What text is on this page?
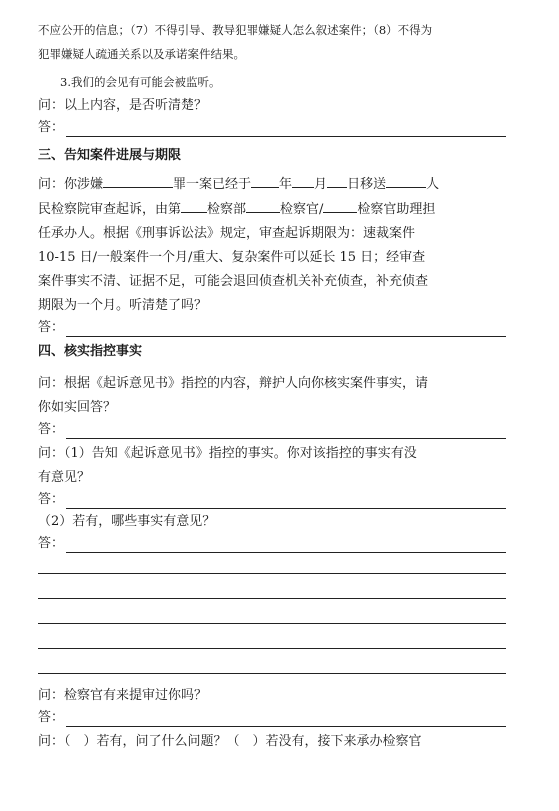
不应公开的信息；（7）不得引导、教导犯罪嫌疑人怎么叙述案件；（8）不得为
犯罪嫌疑人疏通关系以及承诺案件结果。
3.我们的会见有可能会被监听。
问：以上内容，是否听清楚？
答：
三、告知案件进展与期限
问：你涉嫌	罪一案已经于 年 月 日移送	人
民检察院审查起诉，由第 检察部	检察官/	检察官助理担
任承办人。根据《刑事诉讼法》规定，审查起诉期限为：速裁案件
10-15 日/一般案件一个月/重大、复杂案件可以延长 15 日；经审查
案件事实不清、证据不足，可能会退回侦查机关补充侦查，补充侦查
期限为一个月。听清楚了吗？
答：
四、核实指控事实
问：根据《起诉意见书》指控的内容，辩护人向你核实案件事实，请
你如实回答？
答：
问：（1）告知《起诉意见书》指控的事实。你对该指控的事实有没
有意见？
答：
（2）若有，哪些事实有意见？
答：
问：检察官有来提审过你吗？
答：
问：（　）若有，问了什么问题？（　）若没有，接下来承办检察官
